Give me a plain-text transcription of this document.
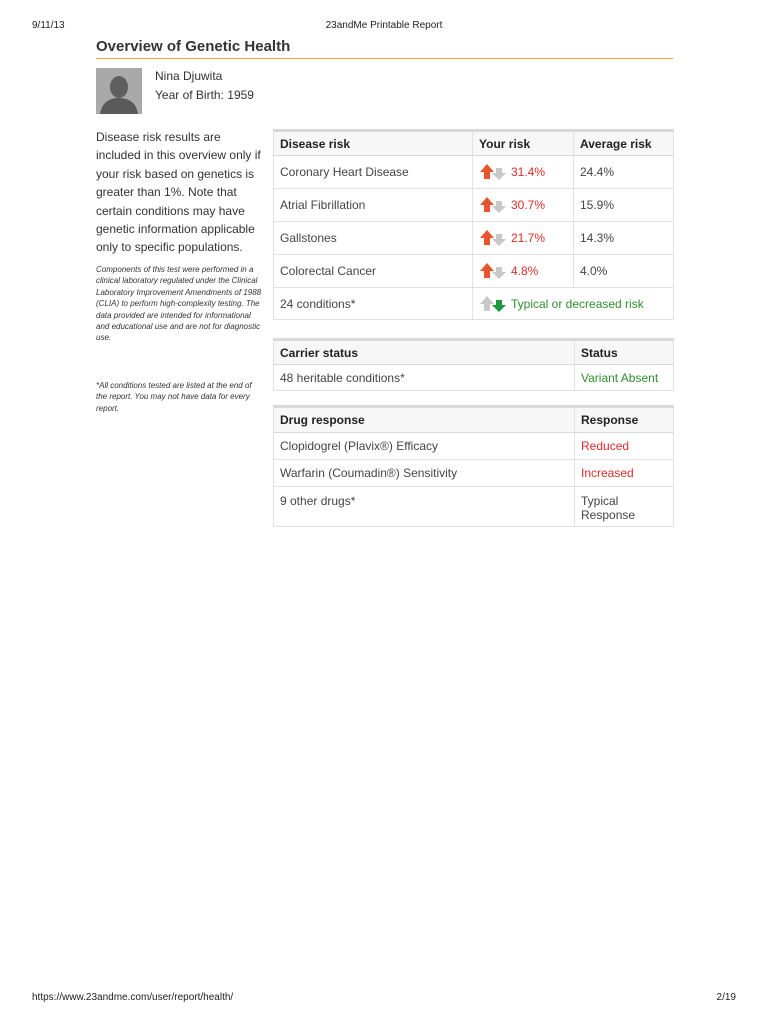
9/11/13	23andMe Printable Report
Overview of Genetic Health
Nina Djuwita
Year of Birth: 1959
Disease risk results are included in this overview only if your risk based on genetics is greater than 1%. Note that certain conditions may have genetic information applicable only to specific populations.
Components of this test were performed in a clinical laboratory regulated under the Clinical Laboratory Improvement Amendments of 1988 (CLIA) to perform high-complexity testing. The data provided are intended for informational and educational use and are not for diagnostic use.
*All conditions tested are listed at the end of the report. You may not have data for every report.
Disease risk	Your risk	Average risk
Coronary Heart Disease	31.4%	24.4%
Atrial Fibrillation	30.7%	15.9%
Gallstones	21.7%	14.3%
Colorectal Cancer	4.8%	4.0%
24 conditions*	Typical or decreased risk	
Carrier status	Status
48 heritable conditions*	Variant Absent
Drug response	Response
Clopidogrel (Plavix®) Efficacy	Reduced
Warfarin (Coumadin®) Sensitivity	Increased
9 other drugs*	Typical Response
https://www.23andme.com/user/report/health/	2/19
